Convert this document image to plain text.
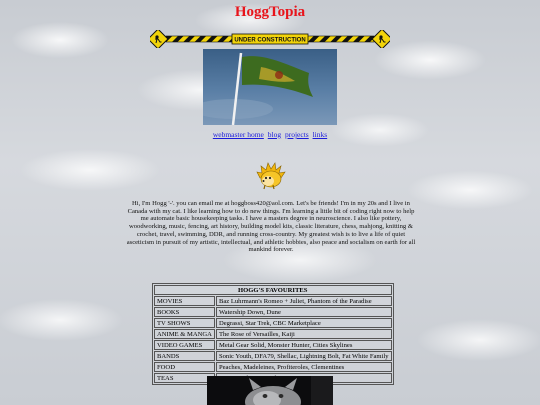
HoggTopia
UNDER CONSTRUCTION
webmaster home blog projects links

Hi, I'm Hogg '-'. you can email me at hoggboss420@aol.com. Let's be friends! I'm in my 20s and I live in Canada with my cat. I like learning how to do new things. I'm learning a little bit of coding right now to help me automate basic housekeeping tasks. I have a masters degree in neuroscience. I also like pottery, woodworking, music, fencing, art history, building model kits, classic literature, chess, mahjong, knitting & crochet, travel, swimming, DDR, and running cross-country. My greatest wish is to live a life of quiet asceticism in pursuit of my artistic, intellectual, and athletic hobbies, also peace and socialism on earth for all mankind forever.

HOGG'S FAVOURITES	
MOVIES	Baz Luhrmann's Romeo + Juliet, Phantom of the Paradise
BOOKS	Watership Down, Dune
TV SHOWS	Degrassi, Star Trek, CBC Marketplace
ANIME & MANGA	The Rose of Versailles, Kaiji
VIDEO GAMES	Metal Gear Solid, Monster Hunter, Cities Skylines
BANDS	Sonic Youth, DFA79, Shellac, Lightning Bolt, Fat White Family
FOOD	Peaches, Madeleines, Profiteroles, Clementines
TEAS	
